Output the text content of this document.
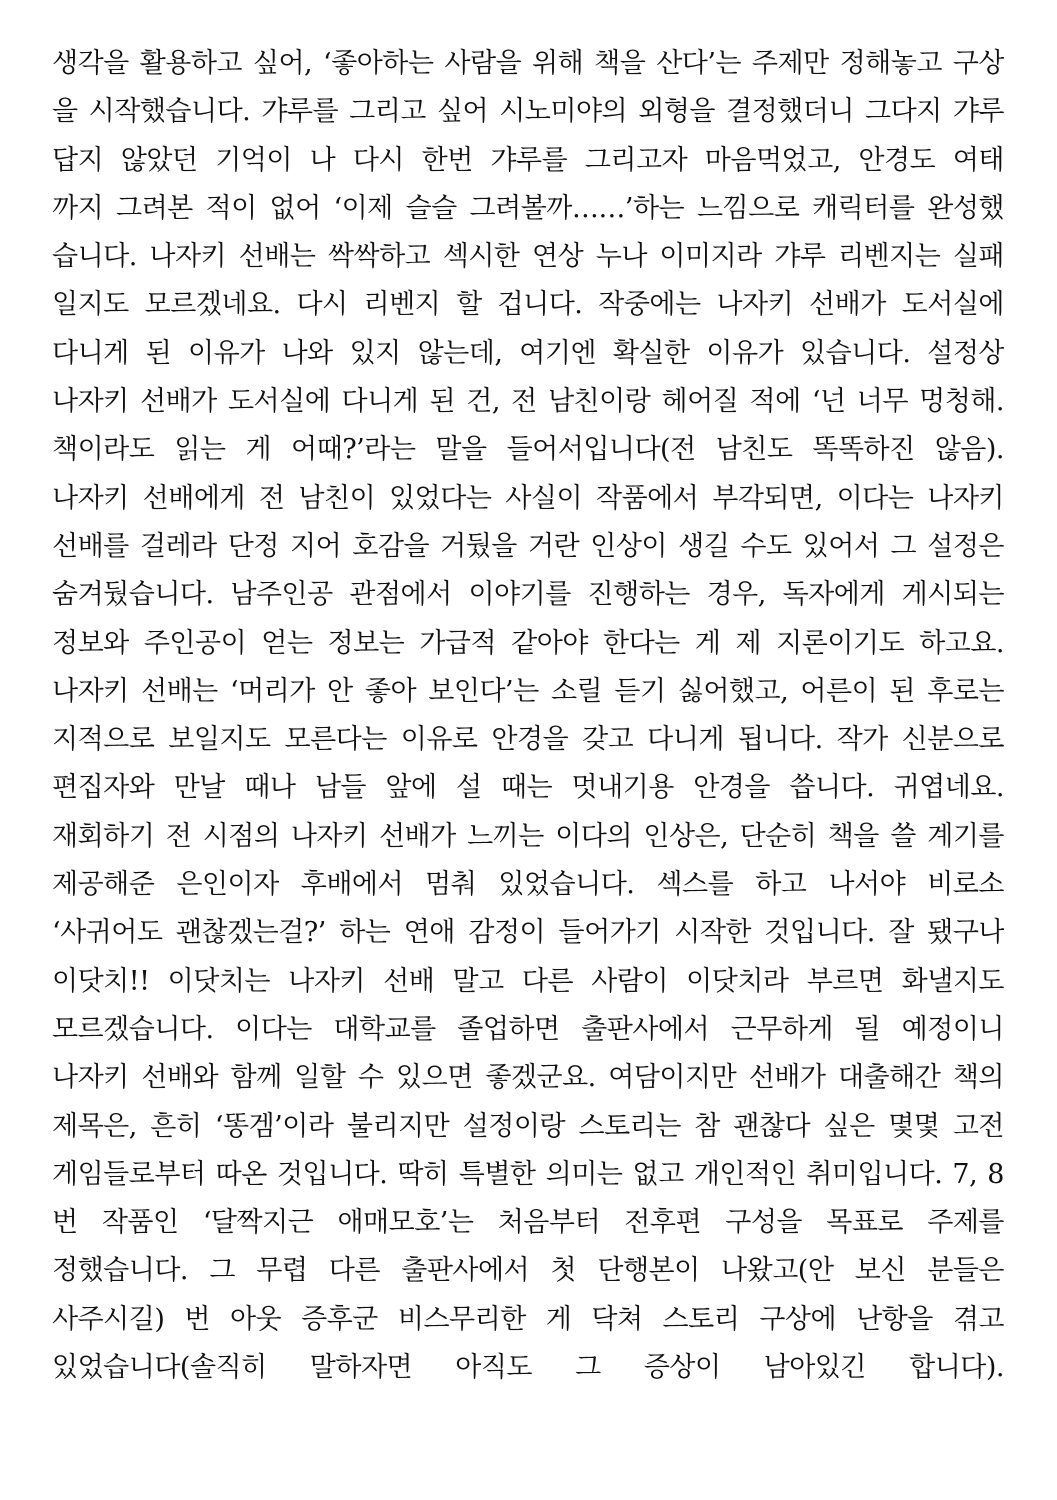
생각을 활용하고 싶어, ‘좋아하는 사람을 위해 책을 산다’는 주제만 정해놓고 구상
을 시작했습니다. 갸루를 그리고 싶어 시노미야의 외형을 결정했더니 그다지 갸루
답지 않았던 기억이 나 다시 한번 갸루를 그리고자 마음먹었고, 안경도 여태
까지 그려본 적이 없어 ‘이제 슬슬 그려볼까……’하는 느낌으로 캐릭터를 완성했
습니다. 나자키 선배는 싹싹하고 섹시한 연상 누나 이미지라 갸루 리벤지는 실패
일지도 모르겠네요. 다시 리벤지 할 겁니다. 작중에는 나자키 선배가 도서실에
다니게 된 이유가 나와 있지 않는데, 여기엔 확실한 이유가 있습니다. 설정상
나자키 선배가 도서실에 다니게 된 건, 전 남친이랑 헤어질 적에 ‘넌 너무 멍청해.
책이라도 읽는 게 어때?’라는 말을 들어서입니다(전 남친도 똑똑하진 않음).
나자키 선배에게 전 남친이 있었다는 사실이 작품에서 부각되면, 이다는 나자키
선배를 걸레라 단정 지어 호감을 거뒀을 거란 인상이 생길 수도 있어서 그 설정은
숨겨뒀습니다. 남주인공 관점에서 이야기를 진행하는 경우, 독자에게 게시되는
정보와 주인공이 얻는 정보는 가급적 같아야 한다는 게 제 지론이기도 하고요.
나자키 선배는 ‘머리가 안 좋아 보인다’는 소릴 듣기 싫어했고, 어른이 된 후로는
지적으로 보일지도 모른다는 이유로 안경을 갖고 다니게 됩니다. 작가 신분으로
편집자와 만날 때나 남들 앞에 설 때는 멋내기용 안경을 씁니다. 귀엽네요.
재회하기 전 시점의 나자키 선배가 느끼는 이다의 인상은, 단순히 책을 쓸 계기를
제공해준 은인이자 후배에서 멈춰 있었습니다. 섹스를 하고 나서야 비로소
‘사귀어도 괜찮겠는걸?’ 하는 연애 감정이 들어가기 시작한 것입니다. 잘 됐구나
이닷치!! 이닷치는 나자키 선배 말고 다른 사람이 이닷치라 부르면 화낼지도
모르겠습니다. 이다는 대학교를 졸업하면 출판사에서 근무하게 될 예정이니
나자키 선배와 함께 일할 수 있으면 좋겠군요. 여담이지만 선배가 대출해간 책의
제목은, 흔히 ‘똥겜’이라 불리지만 설정이랑 스토리는 참 괜찮다 싶은 몇몇 고전
게임들로부터 따온 것입니다. 딱히 특별한 의미는 없고 개인적인 취미입니다. 7, 8
번 작품인 ‘달짝지근 애매모호’는 처음부터 전후편 구성을 목표로 주제를
정했습니다. 그 무렵 다른 출판사에서 첫 단행본이 나왔고(안 보신 분들은
사주시길) 번 아웃 증후군 비스무리한 게 닥쳐 스토리 구상에 난항을 겪고
있었습니다(솔직히 말하자면 아직도 그 증상이 남아있긴 합니다).
